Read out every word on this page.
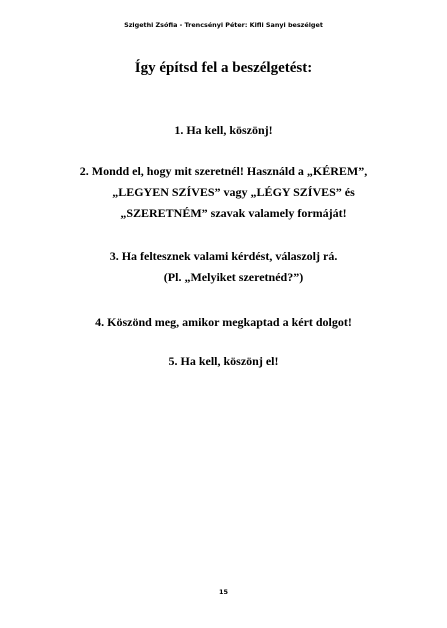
Szigethi Zsófia - Trencsényi Péter: Kifli Sanyi beszélget
Így építsd fel a beszélgetést:
1. Ha kell, köszönj!
2. Mondd el, hogy mit szeretnél! Használd a „KÉREM”,
„LEGYEN SZÍVES” vagy „LÉGY SZÍVES” és
„SZERETNÉM” szavak valamely formáját!
3. Ha feltesznek valami kérdést, válaszolj rá.
(Pl. „Melyiket szeretnéd?”)
4. Köszönd meg, amikor megkaptad a kért dolgot!
5. Ha kell, köszönj el!
15
